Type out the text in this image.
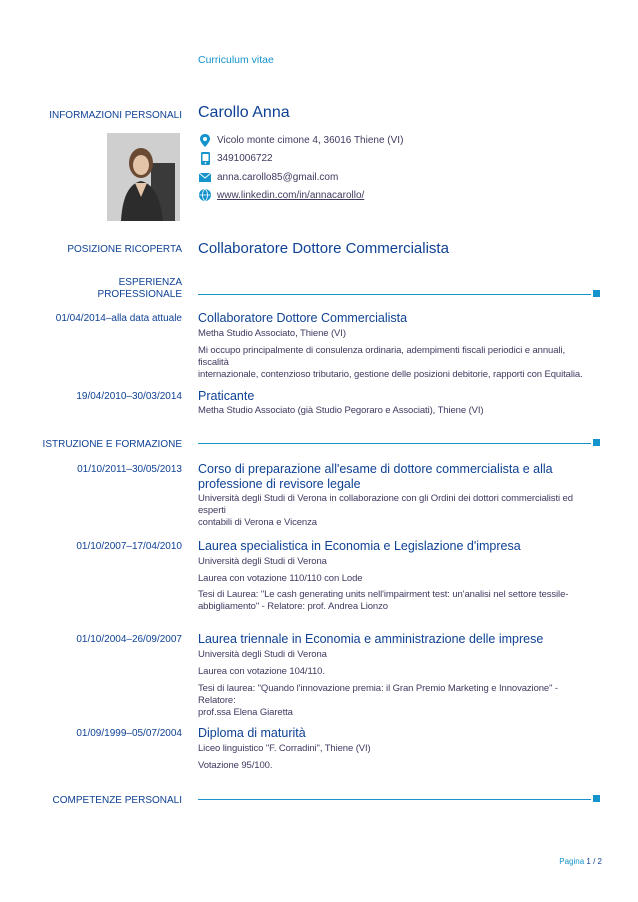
Curriculum vitae
INFORMAZIONI PERSONALI Carollo Anna
Vicolo monte cimone 4, 36016 Thiene (VI)
3491006722
anna.carollo85@gmail.com
www.linkedin.com/in/annacarollo/
POSIZIONE RICOPERTA Collaboratore Dottore Commercialista
ESPERIENZA
PROFESSIONALE
01/04/2014–alla data attuale Collaboratore Dottore Commercialista
Metha Studio Associato, Thiene (VI)
Mi occupo principalmente di consulenza ordinaria, adempimenti fiscali periodici e annuali, fiscalità
internazionale, contenzioso tributario, gestione delle posizioni debitorie, rapporti con Equitalia.
19/04/2010–30/03/2014 Praticante
Metha Studio Associato (già Studio Pegoraro e Associati), Thiene (VI)
ISTRUZIONE E FORMAZIONE
01/10/2011–30/05/2013 Corso di preparazione all'esame di dottore commercialista e alla
professione di revisore legale
Università degli Studi di Verona in collaborazione con gli Ordini dei dottori commercialisti ed esperti
contabili di Verona e Vicenza
01/10/2007–17/04/2010 Laurea specialistica in Economia e Legislazione d'impresa
Università degli Studi di Verona
Laurea con votazione 110/110 con Lode
Tesi di Laurea: "Le cash generating units nell'impairment test: un'analisi nel settore tessile-
abbigliamento" - Relatore: prof. Andrea Lionzo
01/10/2004–26/09/2007 Laurea triennale in Economia e amministrazione delle imprese
Università degli Studi di Verona
Laurea con votazione 104/110.
Tesi di laurea: "Quando l'innovazione premia: il Gran Premio Marketing e Innovazione" - Relatore:
prof.ssa Elena Giaretta
01/09/1999–05/07/2004 Diploma di maturità
Liceo linguistico "F. Corradini", Thiene (VI)
Votazione 95/100.
COMPETENZE PERSONALI
Pagina 1 / 2
